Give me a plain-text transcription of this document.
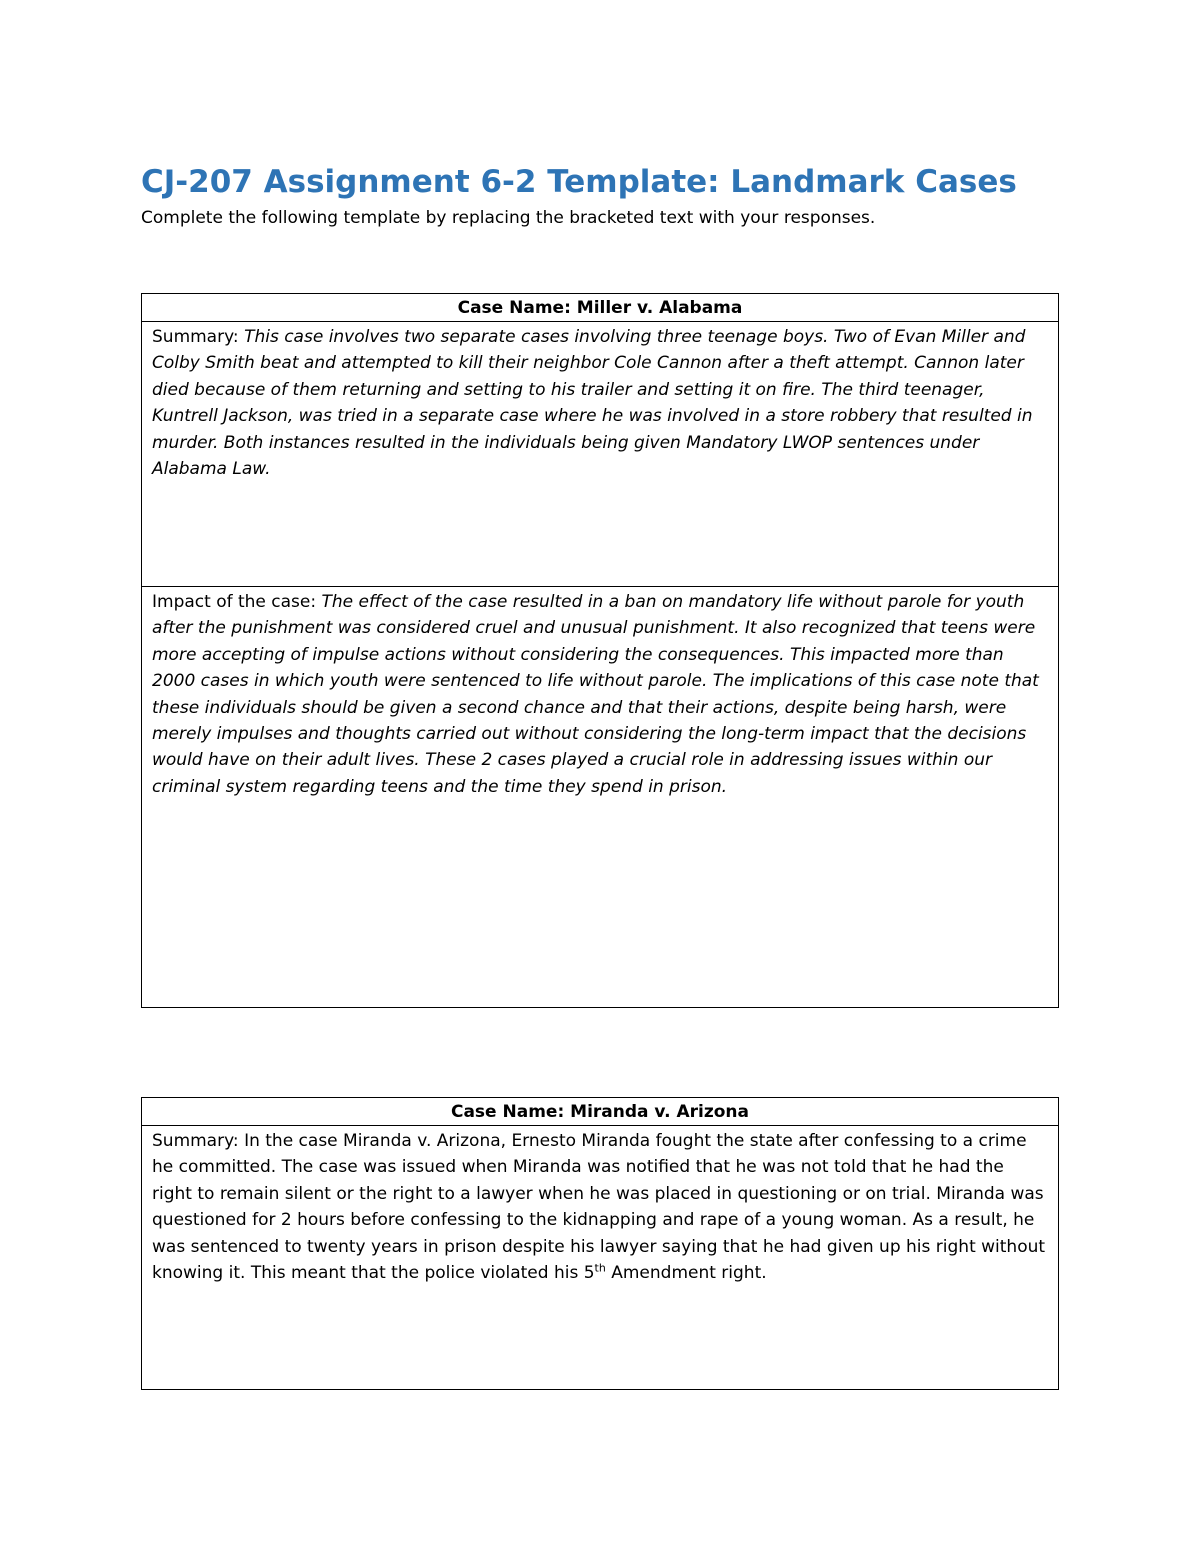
CJ-207 Assignment 6-2 Template: Landmark Cases

Complete the following template by replacing the bracketed text with your responses.

Case Name: Miller v. Alabama
Summary: This case involves two separate cases involving three teenage boys. Two of Evan Miller and Colby Smith beat and attempted to kill their neighbor Cole Cannon after a theft attempt. Cannon later died because of them returning and setting to his trailer and setting it on fire. The third teenager, Kuntrell Jackson, was tried in a separate case where he was involved in a store robbery that resulted in murder. Both instances resulted in the individuals being given Mandatory LWOP sentences under Alabama Law.
Impact of the case: The effect of the case resulted in a ban on mandatory life without parole for youth after the punishment was considered cruel and unusual punishment. It also recognized that teens were more accepting of impulse actions without considering the consequences. This impacted more than 2000 cases in which youth were sentenced to life without parole. The implications of this case note that these individuals should be given a second chance and that their actions, despite being harsh, were merely impulses and thoughts carried out without considering the long-term impact that the decisions would have on their adult lives. These 2 cases played a crucial role in addressing issues within our criminal system regarding teens and the time they spend in prison.
Case Name: Miranda v. Arizona
Summary: In the case Miranda v. Arizona, Ernesto Miranda fought the state after confessing to a crime he committed. The case was issued when Miranda was notified that he was not told that he had the right to remain silent or the right to a lawyer when he was placed in questioning or on trial. Miranda was questioned for 2 hours before confessing to the kidnapping and rape of a young woman. As a result, he was sentenced to twenty years in prison despite his lawyer saying that he had given up his right without knowing it. This meant that the police violated his 5th Amendment right.
